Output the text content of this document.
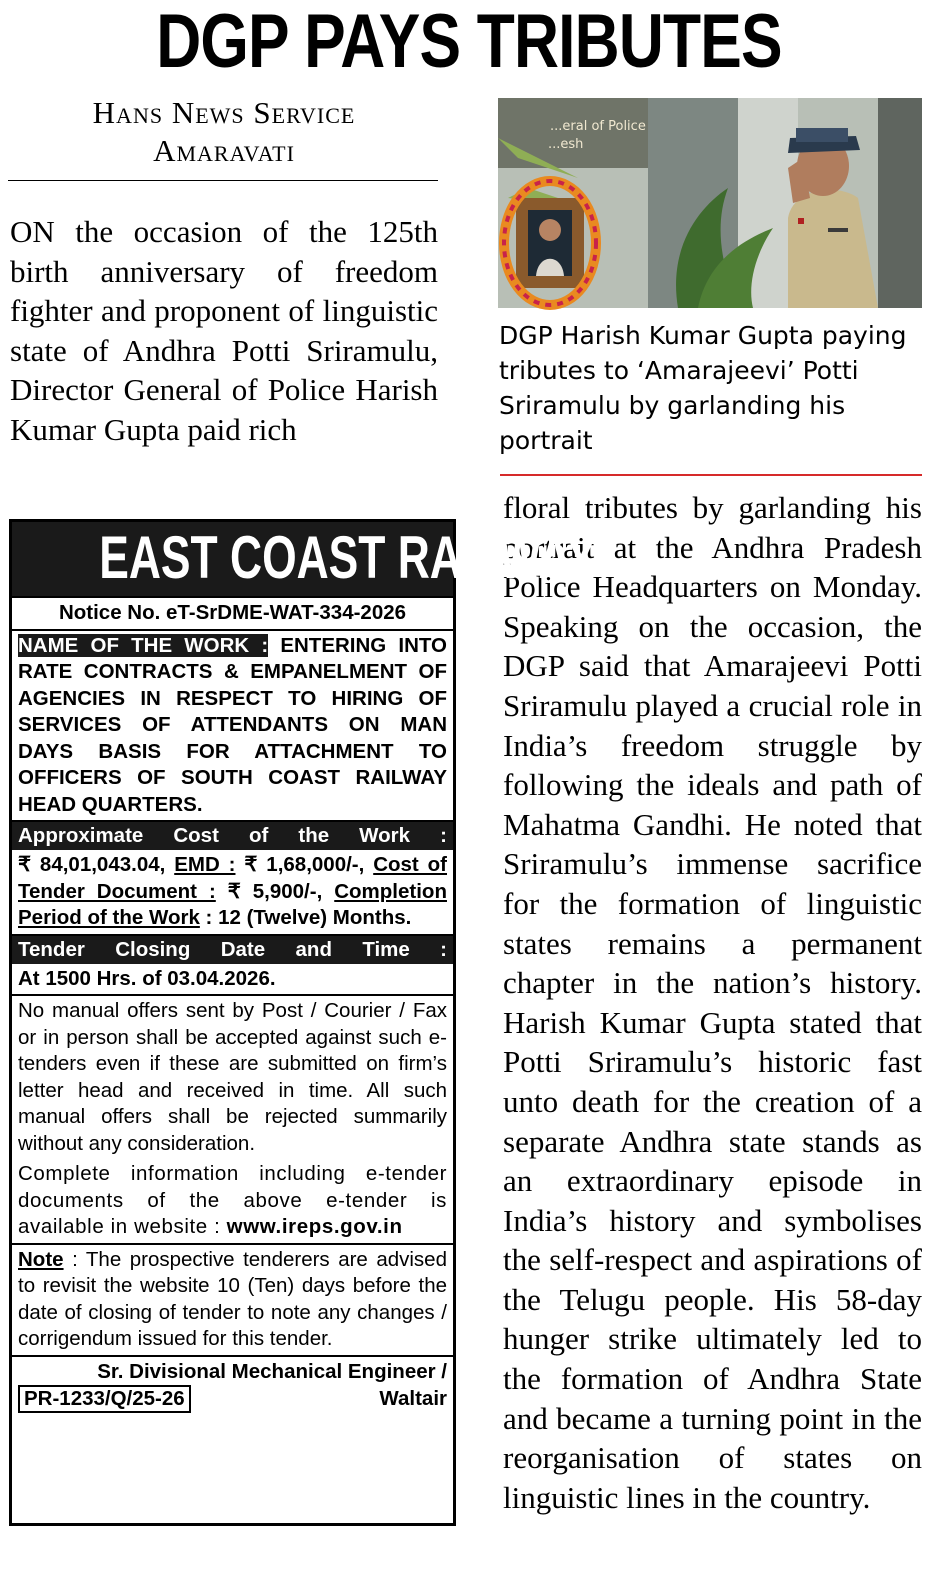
DGP PAYS TRIBUTES
Hans News Service
Amaravati

ON the occasion of the 125th birth anniversary of freedom fighter and proponent of linguistic state of Andhra Potti Sriramulu, Director General of Police Harish Kumar Gupta paid rich

...eral of Police
...esh
DGP Harish Kumar Gupta paying tributes to ‘Amarajeevi’ Potti Sriramulu by garlanding his portrait

floral tributes by garlanding his portrait at the Andhra Pradesh Police Headquarters on Monday. Speaking on the occasion, the DGP said that Amarajeevi Potti Sriramulu played a crucial role in India’s freedom struggle by following the ideals and path of Mahatma Gandhi. He noted that Sriramulu’s immense sacrifice for the formation of linguistic states remains a permanent chapter in the nation’s history. Harish Kumar Gupta stated that Potti Sriramulu’s historic fast unto death for the creation of a separate Andhra state stands as an extraordinary episode in India’s history and symbolises the self-respect and aspirations of the Telugu people. His 58-day hunger strike ultimately led to the formation of Andhra State and became a turning point in the reorganisation of states on linguistic lines in the country.

EAST COAST RAILWAY
Notice No. eT-SrDME-WAT-334-2026
NAME OF THE WORK : ENTERING INTO RATE CONTRACTS & EMPANELMENT OF AGENCIES IN RESPECT TO HIRING OF SERVICES OF ATTENDANTS ON MAN DAYS BASIS FOR ATTACHMENT TO OFFICERS OF SOUTH COAST RAILWAY HEAD QUARTERS.
Approximate Cost of the Work :
₹ 84,01,043.04, EMD : ₹ 1,68,000/-, Cost of Tender Document : ₹ 5,900/-, Completion Period of the Work : 12 (Twelve) Months.
Tender Closing Date and Time :
At 1500 Hrs. of 03.04.2026.
No manual offers sent by Post / Courier / Fax or in person shall be accepted against such e-tenders even if these are submitted on firm’s letter head and received in time. All such manual offers shall be rejected summarily without any consideration.
Complete information including e-tender documents of the above e-tender is available in website : www.ireps.gov.in
Note : The prospective tenderers are advised to revisit the website 10 (Ten) days before the date of closing of tender to note any changes / corrigendum issued for this tender.
Sr. Divisional Mechanical Engineer /
PR-1233/Q/25-26	Waltair
